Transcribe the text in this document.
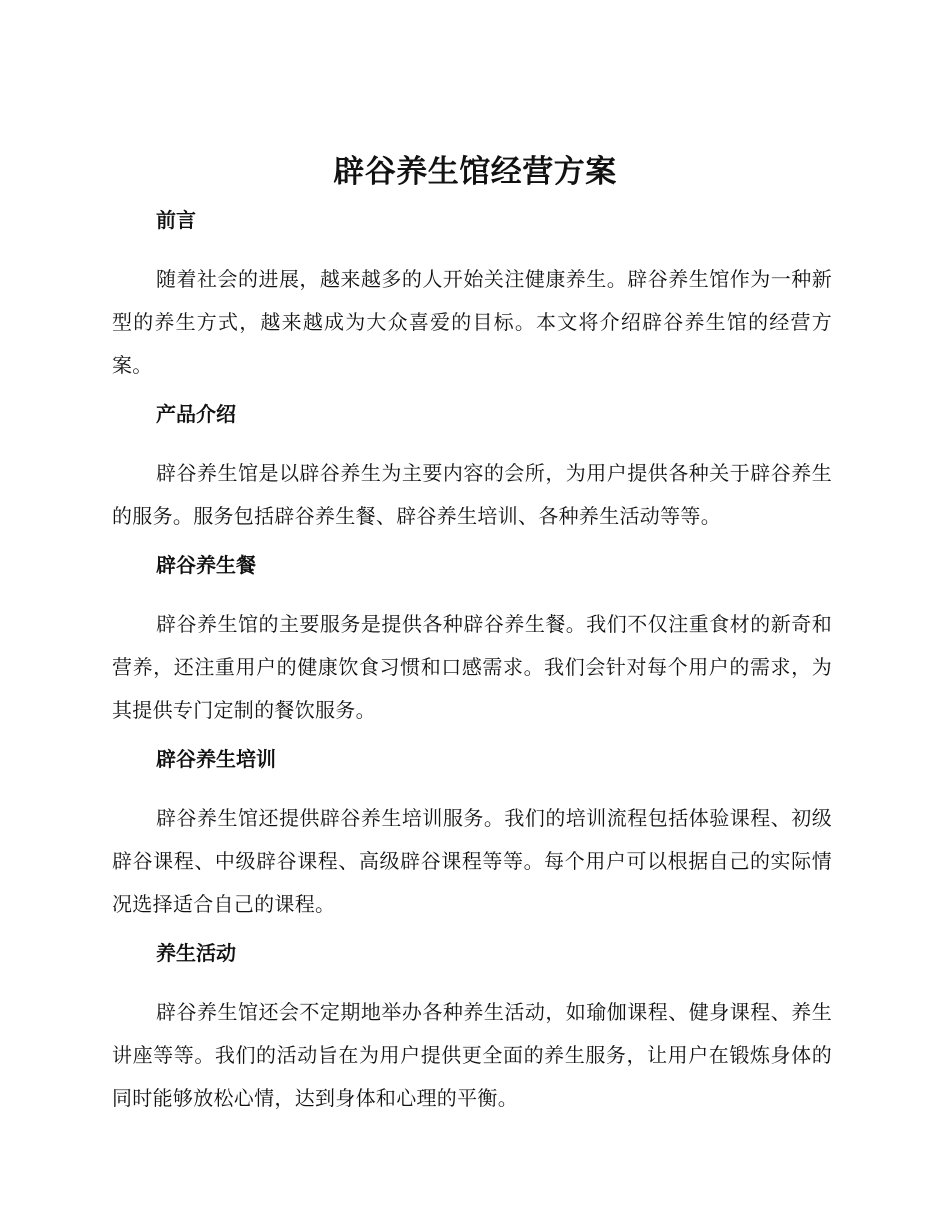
辟谷养生馆经营方案
前言

随着社会的进展，越来越多的人开始关注健康养生。辟谷养生馆作为一种新型的养生方式，越来越成为大众喜爱的目标。本文将介绍辟谷养生馆的经营方案。

产品介绍

辟谷养生馆是以辟谷养生为主要内容的会所，为用户提供各种关于辟谷养生的服务。服务包括辟谷养生餐、辟谷养生培训、各种养生活动等等。

辟谷养生餐

辟谷养生馆的主要服务是提供各种辟谷养生餐。我们不仅注重食材的新奇和营养，还注重用户的健康饮食习惯和口感需求。我们会针对每个用户的需求，为其提供专门定制的餐饮服务。

辟谷养生培训

辟谷养生馆还提供辟谷养生培训服务。我们的培训流程包括体验课程、初级辟谷课程、中级辟谷课程、高级辟谷课程等等。每个用户可以根据自己的实际情况选择适合自己的课程。

养生活动

辟谷养生馆还会不定期地举办各种养生活动，如瑜伽课程、健身课程、养生讲座等等。我们的活动旨在为用户提供更全面的养生服务，让用户在锻炼身体的同时能够放松心情，达到身体和心理的平衡。
